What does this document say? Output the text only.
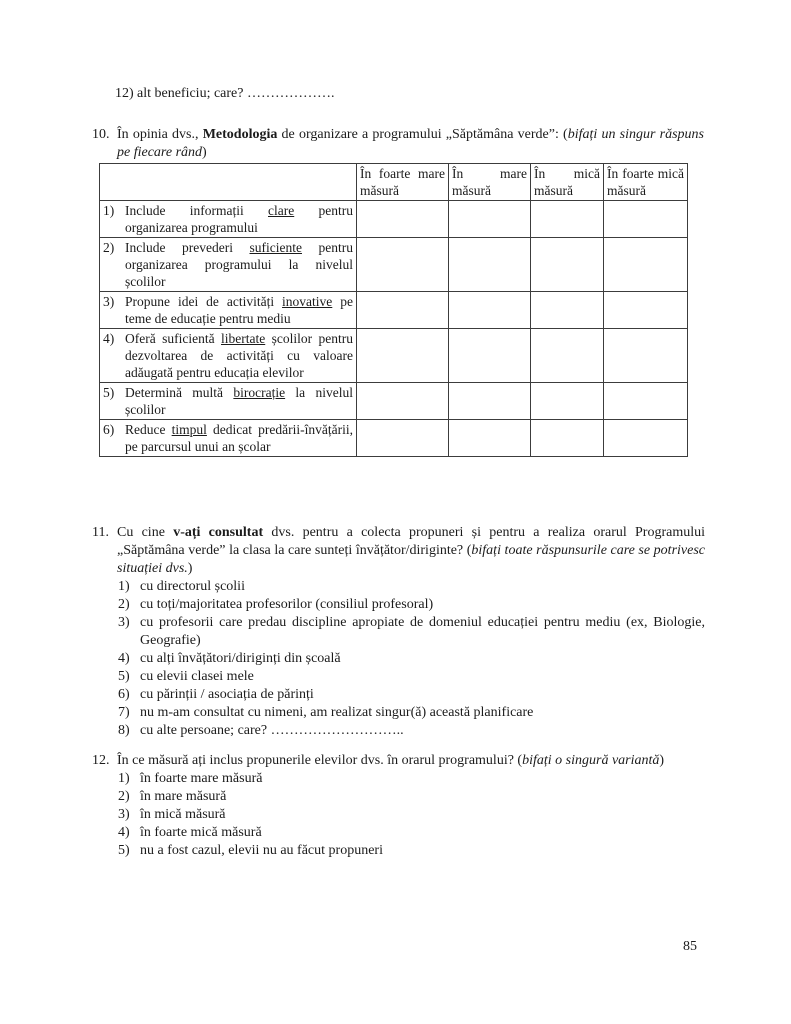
12) alt beneficiu; care? ……………….
10. În opinia dvs., Metodologia de organizare a programului „Săptămâna verde”: (bifați un singur răspuns pe fiecare rând)
	În foarte mare măsură	În mare măsură	În mică măsură	În foarte mică măsură

1) Include informații clare pentru organizarea programului				

2) Include prevederi suficiente pentru organizarea programului la nivelul școlilor				

3) Propune idei de activități inovative pe teme de educație pentru mediu				

4) Oferă suficientă libertate școlilor pentru dezvoltarea de activități cu valoare adăugată pentru educația elevilor				

5) Determină multă birocrație la nivelul școlilor				

6) Reduce timpul dedicat predării-învățării, pe parcursul unui an școlar				

11. Cu cine v-ați consultat dvs. pentru a colecta propuneri și pentru a realiza orarul Programului „Săptămâna verde” la clasa la care sunteți învățător/diriginte? (bifați toate răspunsurile care se potrivesc situației dvs.)
1) cu directorul școlii
2) cu toți/majoritatea profesorilor (consiliul profesoral)
3) cu profesorii care predau discipline apropiate de domeniul educației pentru mediu (ex, Biologie, Geografie)
4) cu alți învățători/diriginți din școală
5) cu elevii clasei mele
6) cu părinții / asociația de părinți
7) nu m-am consultat cu nimeni, am realizat singur(ă) această planificare
8) cu alte persoane; care? ………………………..
12. În ce măsură ați inclus propunerile elevilor dvs. în orarul programului? (bifați o singură variantă)
1) în foarte mare măsură
2) în mare măsură
3) în mică măsură
4) în foarte mică măsură
5) nu a fost cazul, elevii nu au făcut propuneri
85
